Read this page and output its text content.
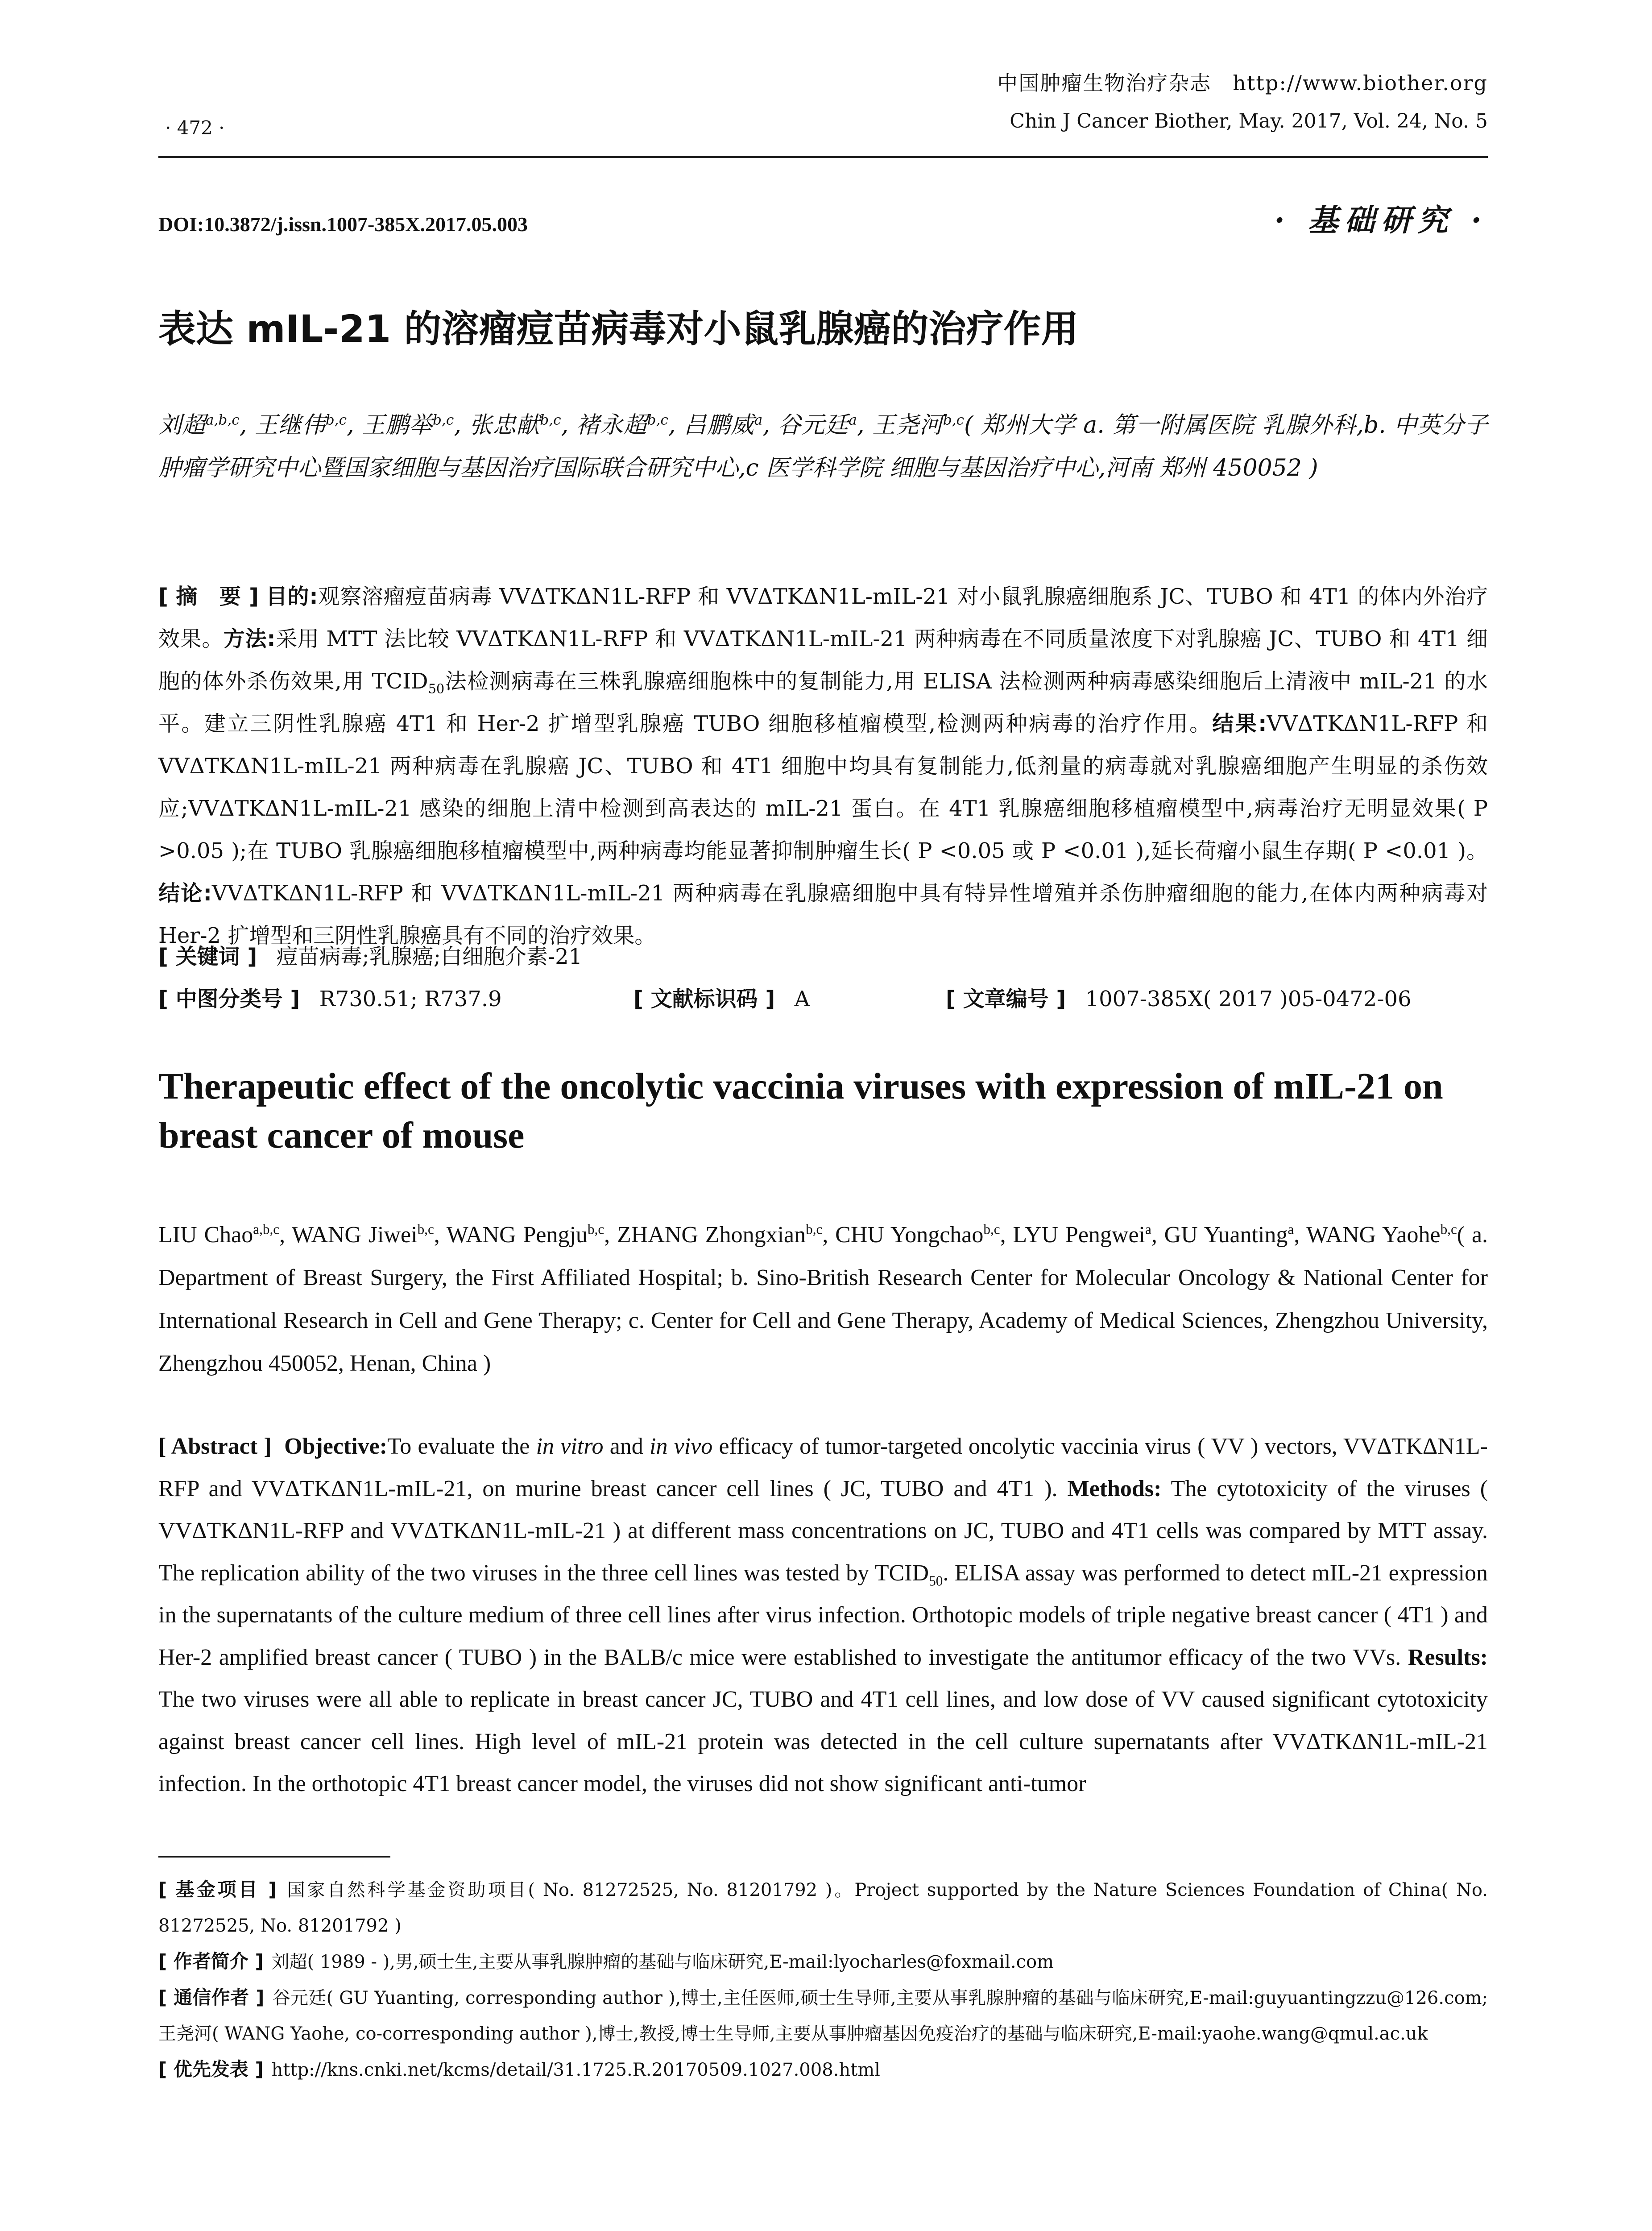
· 472 ·
中国肿瘤生物治疗杂志　http://www.biother.org
Chin J Cancer Biother, May. 2017, Vol. 24, No. 5
DOI:10.3872/j.issn.1007-385X.2017.05.003	· 基础研究 ·
表达 mIL-21 的溶瘤痘苗病毒对小鼠乳腺癌的治疗作用
刘超$^{a,b,c}$, 王继伟$^{b,c}$, 王鹏举$^{b,c}$, 张忠献$^{b,c}$, 褚永超$^{b,c}$, 吕鹏威$^a$, 谷元廷$^a$, 王尧河$^{b,c}$( 郑州大学 a. 第一附属医院 乳腺外科,b. 中英分子肿瘤学研究中心暨国家细胞与基因治疗国际联合研究中心,c 医学科学院 细胞与基因治疗中心,河南 郑州 450052 )
[ 摘　要 ] 目的:观察溶瘤痘苗病毒 VVΔTKΔN1L-RFP 和 VVΔTKΔN1L-mIL-21 对小鼠乳腺癌细胞系 JC、TUBO 和 4T1 的体内外治疗效果。方法:采用 MTT 法比较 VVΔTKΔN1L-RFP 和 VVΔTKΔN1L-mIL-21 两种病毒在不同质量浓度下对乳腺癌 JC、TUBO 和 4T1 细胞的体外杀伤效果,用 $TCID_{50}$法检测病毒在三株乳腺癌细胞株中的复制能力,用 ELISA 法检测两种病毒感染细胞后上清液中 mIL-21 的水平。建立三阴性乳腺癌 4T1 和 Her-2 扩增型乳腺癌 TUBO 细胞移植瘤模型,检测两种病毒的治疗作用。结果:VVΔTKΔN1L-RFP 和 VVΔTKΔN1L-mIL-21 两种病毒在乳腺癌 JC、TUBO 和 4T1 细胞中均具有复制能力,低剂量的病毒就对乳腺癌细胞产生明显的杀伤效应;VVΔTKΔN1L-mIL-21 感染的细胞上清中检测到高表达的 mIL-21 蛋白。在 4T1 乳腺癌细胞移植瘤模型中,病毒治疗无明显效果( P >0.05 );在 TUBO 乳腺癌细胞移植瘤模型中,两种病毒均能显著抑制肿瘤生长( P <0.05 或 P <0.01 ),延长荷瘤小鼠生存期( P <0.01 )。结论:VVΔTKΔN1L-RFP 和 VVΔTKΔN1L-mIL-21 两种病毒在乳腺癌细胞中具有特异性增殖并杀伤肿瘤细胞的能力,在体内两种病毒对 Her-2 扩增型和三阴性乳腺癌具有不同的治疗效果。
[ 关键词 ] 痘苗病毒;乳腺癌;白细胞介素-21
[ 中图分类号 ] R730.51; R737.9	[ 文献标识码 ] A	[ 文章编号 ] 1007-385X( 2017 )05-0472-06
Therapeutic effect of the oncolytic vaccinia viruses with expression of mIL-21 on breast cancer of mouse
LIU Chao$^{a,b,c}$, WANG Jiwei$^{b,c}$, WANG Pengju$^{b,c}$, ZHANG Zhongxian$^{b,c}$, CHU Yongchao$^{b,c}$, LYU Pengwei$^a$, GU Yuanting$^a$, WANG Yaohe$^{b,c}$( a. Department of Breast Surgery, the First Affiliated Hospital; b. Sino-British Research Center for Molecular Oncology & National Center for International Research in Cell and Gene Therapy; c. Center for Cell and Gene Therapy, Academy of Medical Sciences, Zhengzhou University, Zhengzhou 450052, Henan, China )
[ Abstract ] Objective:To evaluate the in vitro and in vivo efficacy of tumor-targeted oncolytic vaccinia virus ( VV ) vectors, VVΔTKΔN1L-RFP and VVΔTKΔN1L-mIL-21, on murine breast cancer cell lines ( JC, TUBO and 4T1 ). Methods: The cytotoxicity of the viruses ( VVΔTKΔN1L-RFP and VVΔTKΔN1L-mIL-21 ) at different mass concentrations on JC, TUBO and 4T1 cells was compared by MTT assay. The replication ability of the two viruses in the three cell lines was tested by $TCID_{50}$. ELISA assay was performed to detect mIL-21 expression in the supernatants of the culture medium of three cell lines after virus infection. Orthotopic models of triple negative breast cancer ( 4T1 ) and Her-2 amplified breast cancer ( TUBO ) in the BALB/c mice were established to investigate the antitumor efficacy of the two VVs. Results: The two viruses were all able to replicate in breast cancer JC, TUBO and 4T1 cell lines, and low dose of VV caused significant cytotoxicity against breast cancer cell lines. High level of mIL-21 protein was detected in the cell culture supernatants after VVΔTKΔN1L-mIL-21 infection. In the orthotopic 4T1 breast cancer model, the viruses did not show significant anti-tumor
[ 基金项目 ] 国家自然科学基金资助项目( No. 81272525, No. 81201792 )。Project supported by the Nature Sciences Foundation of China( No. 81272525, No. 81201792 )
[ 作者简介 ] 刘超( 1989 - ),男,硕士生,主要从事乳腺肿瘤的基础与临床研究,E-mail:lyocharles@foxmail.com
[ 通信作者 ] 谷元廷( GU Yuanting, corresponding author ),博士,主任医师,硕士生导师,主要从事乳腺肿瘤的基础与临床研究,E-mail:guyuantingzzu@126.com;王尧河( WANG Yaohe, co-corresponding author ),博士,教授,博士生导师,主要从事肿瘤基因免疫治疗的基础与临床研究,E-mail:yaohe.wang@qmul.ac.uk
[ 优先发表 ] http://kns.cnki.net/kcms/detail/31.1725.R.20170509.1027.008.html
